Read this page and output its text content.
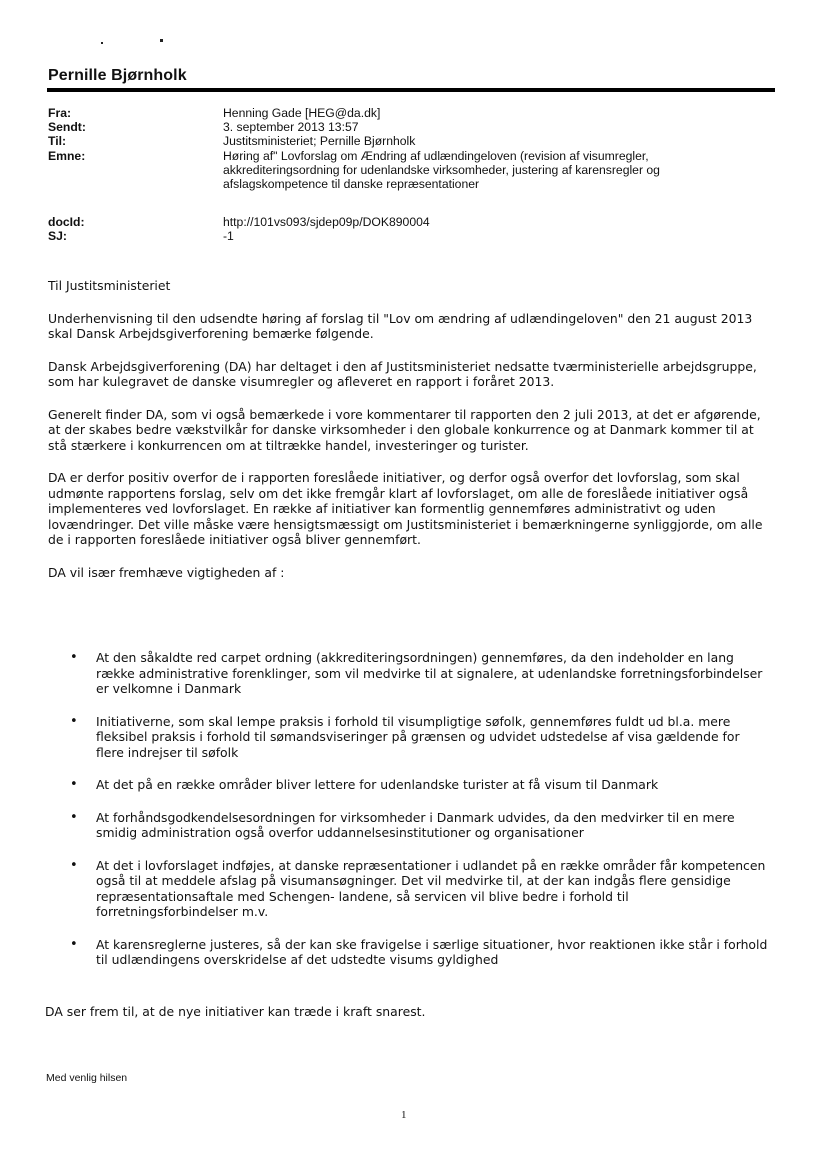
Pernille Bjørnholk
Fra:	Henning Gade [HEG@da.dk]
Sendt:	3. september 2013 13:57
Til:	Justitsministeriet; Pernille Bjørnholk
Emne:	Høring af" Lovforslag om Ændring af udlændingeloven (revision af visumregler, akkrediteringsordning for udenlandske virksomheder, justering af karensregler og afslagskompetence til danske repræsentationer
docId:	http://101vs093/sjdep09p/DOK890004
SJ:	-1

Til Justitsministeriet

Underhenvisning til den udsendte høring af forslag til "Lov om ændring af udlændingeloven" den 21 august 2013 skal Dansk Arbejdsgiverforening bemærke følgende.

Dansk Arbejdsgiverforening (DA) har deltaget i den af Justitsministeriet nedsatte tværministerielle arbejdsgruppe, som har kulegravet de danske visumregler og afleveret en rapport i foråret 2013.

Generelt finder DA, som vi også bemærkede i vore kommentarer til rapporten den 2 juli 2013, at det er afgørende, at der skabes bedre vækstvilkår for danske virksomheder i den globale konkurrence og at Danmark kommer til at stå stærkere i konkurrencen om at tiltrække handel, investeringer og turister.

DA er derfor positiv overfor de i rapporten foreslåede initiativer, og derfor også overfor det lovforslag, som skal udmønte rapportens forslag, selv om det ikke fremgår klart af lovforslaget, om alle de foreslåede initiativer også implementeres ved lovforslaget. En række af initiativer kan formentlig gennemføres administrativt og uden lovændringer. Det ville måske være hensigtsmæssigt om Justitsministeriet i bemærkningerne synliggjorde, om alle de i rapporten foreslåede initiativer også bliver gennemført.

DA vil især fremhæve vigtigheden af :

•	At den såkaldte red carpet ordning (akkrediteringsordningen) gennemføres, da den indeholder en lang række administrative forenklinger, som vil medvirke til at signalere, at udenlandske forretningsforbindelser er velkomne i Danmark
•	Initiativerne, som skal lempe praksis i forhold til visumpligtige søfolk, gennemføres fuldt ud bl.a. mere fleksibel praksis i forhold til sømandsviseringer på grænsen og udvidet udstedelse af visa gældende for flere indrejser til søfolk
•	At det på en række områder bliver lettere for udenlandske turister at få visum til Danmark
•	At forhåndsgodkendelsesordningen for virksomheder i Danmark udvides, da den medvirker til en mere smidig administration også overfor uddannelsesinstitutioner og organisationer
•	At det i lovforslaget indføjes, at danske repræsentationer i udlandet på en række områder får kompetencen også til at meddele afslag på visumansøgninger. Det vil medvirke til, at der kan indgås flere gensidige repræsentationsaftale med Schengen- landene, så servicen vil blive bedre i forhold til forretningsforbindelser m.v.
•	At karensreglerne justeres, så der kan ske fravigelse i særlige situationer, hvor reaktionen ikke står i forhold til udlændingens overskridelse af det udstedte visums gyldighed
DA ser frem til, at de nye initiativer kan træde i kraft snarest.
Med venlig hilsen
1
